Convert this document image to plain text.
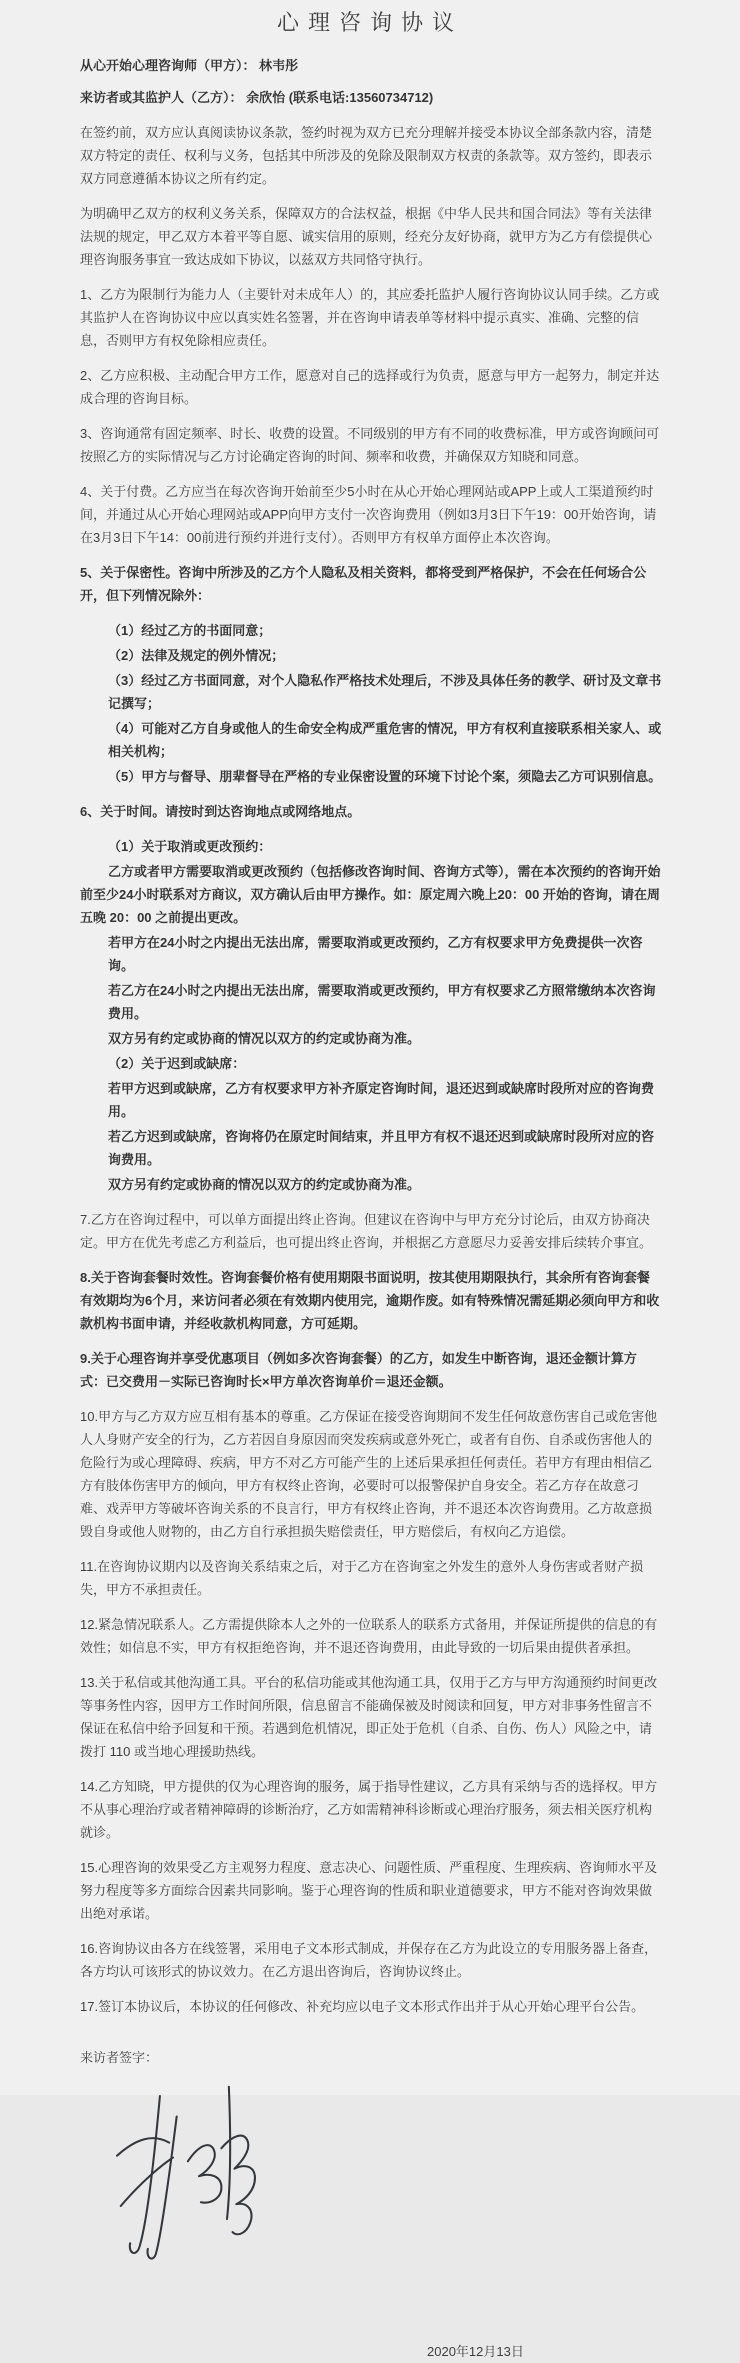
心理咨询协议
从心开始心理咨询师（甲方）： 林韦彤
来访者或其监护人（乙方）： 余欣怡 (联系电话:13560734712)
在签约前，双方应认真阅读协议条款，签约时视为双方已充分理解并接受本协议全部条款内容，清楚双方特定的责任、权利与义务，包括其中所涉及的免除及限制双方权责的条款等。双方签约，即表示双方同意遵循本协议之所有约定。
为明确甲乙双方的权利义务关系，保障双方的合法权益，根据《中华人民共和国合同法》等有关法律法规的规定，甲乙双方本着平等自愿、诚实信用的原则，经充分友好协商，就甲方为乙方有偿提供心理咨询服务事宜一致达成如下协议，以兹双方共同恪守执行。
1、乙方为限制行为能力人（主要针对未成年人）的，其应委托监护人履行咨询协议认同手续。乙方或其监护人在咨询协议中应以真实姓名签署，并在咨询申请表单等材料中提示真实、准确、完整的信息，否则甲方有权免除相应责任。
2、乙方应积极、主动配合甲方工作，愿意对自己的选择或行为负责，愿意与甲方一起努力，制定并达成合理的咨询目标。
3、咨询通常有固定频率、时长、收费的设置。不同级别的甲方有不同的收费标准，甲方或咨询顾问可按照乙方的实际情况与乙方讨论确定咨询的时间、频率和收费，并确保双方知晓和同意。
4、关于付费。乙方应当在每次咨询开始前至少5小时在从心开始心理网站或APP上或人工渠道预约时间，并通过从心开始心理网站或APP向甲方支付一次咨询费用（例如3月3日下午19：00开始咨询，请在3月3日下午14：00前进行预约并进行支付）。否则甲方有权单方面停止本次咨询。
5、关于保密性。咨询中所涉及的乙方个人隐私及相关资料，都将受到严格保护，不会在任何场合公开，但下列情况除外：
（1）经过乙方的书面同意；
（2）法律及规定的例外情况；
（3）经过乙方书面同意，对个人隐私作严格技术处理后，不涉及具体任务的教学、研讨及文章书记撰写；
（4）可能对乙方自身或他人的生命安全构成严重危害的情况，甲方有权利直接联系相关家人、或相关机构；
（5）甲方与督导、朋辈督导在严格的专业保密设置的环境下讨论个案，须隐去乙方可识别信息。
6、关于时间。请按时到达咨询地点或网络地点。
（1）关于取消或更改预约：
乙方或者甲方需要取消或更改预约（包括修改咨询时间、咨询方式等），需在本次预约的咨询开始前至少24小时联系对方商议，双方确认后由甲方操作。如：原定周六晚上20：00 开始的咨询，请在周五晚 20：00 之前提出更改。
若甲方在24小时之内提出无法出席，需要取消或更改预约，乙方有权要求甲方免费提供一次咨询。
若乙方在24小时之内提出无法出席，需要取消或更改预约，甲方有权要求乙方照常缴纳本次咨询费用。
双方另有约定或协商的情况以双方的约定或协商为准。
（2）关于迟到或缺席：
若甲方迟到或缺席，乙方有权要求甲方补齐原定咨询时间，退还迟到或缺席时段所对应的咨询费用。
若乙方迟到或缺席，咨询将仍在原定时间结束，并且甲方有权不退还迟到或缺席时段所对应的咨询费用。
双方另有约定或协商的情况以双方的约定或协商为准。
7.乙方在咨询过程中，可以单方面提出终止咨询。但建议在咨询中与甲方充分讨论后，由双方协商决定。甲方在优先考虑乙方利益后，也可提出终止咨询，并根据乙方意愿尽力妥善安排后续转介事宜。
8.关于咨询套餐时效性。咨询套餐价格有使用期限书面说明，按其使用期限执行，其余所有咨询套餐有效期均为6个月，来访问者必须在有效期内使用完，逾期作废。如有特殊情况需延期必须向甲方和收款机构书面申请，并经收款机构同意，方可延期。
9.关于心理咨询并享受优惠项目（例如多次咨询套餐）的乙方，如发生中断咨询，退还金额计算方式：已交费用－实际已咨询时长×甲方单次咨询单价＝退还金额。
10.甲方与乙方双方应互相有基本的尊重。乙方保证在接受咨询期间不发生任何故意伤害自己或危害他人人身财产安全的行为，乙方若因自身原因而突发疾病或意外死亡，或者有自伤、自杀或伤害他人的危险行为或心理障碍、疾病，甲方不对乙方可能产生的上述后果承担任何责任。若甲方有理由相信乙方有肢体伤害甲方的倾向，甲方有权终止咨询，必要时可以报警保护自身安全。若乙方存在故意刁难、戏弄甲方等破坏咨询关系的不良言行，甲方有权终止咨询，并不退还本次咨询费用。乙方故意损毁自身或他人财物的，由乙方自行承担损失赔偿责任，甲方赔偿后，有权向乙方追偿。
11.在咨询协议期内以及咨询关系结束之后，对于乙方在咨询室之外发生的意外人身伤害或者财产损失，甲方不承担责任。
12.紧急情况联系人。乙方需提供除本人之外的一位联系人的联系方式备用，并保证所提供的信息的有效性；如信息不实，甲方有权拒绝咨询，并不退还咨询费用，由此导致的一切后果由提供者承担。
13.关于私信或其他沟通工具。平台的私信功能或其他沟通工具，仅用于乙方与甲方沟通预约时间更改等事务性内容，因甲方工作时间所限，信息留言不能确保被及时阅读和回复，甲方对非事务性留言不保证在私信中给予回复和干预。若遇到危机情况，即正处于危机（自杀、自伤、伤人）风险之中，请拨打 110 或当地心理援助热线。
14.乙方知晓，甲方提供的仅为心理咨询的服务，属于指导性建议，乙方具有采纳与否的选择权。甲方不从事心理治疗或者精神障碍的诊断治疗，乙方如需精神科诊断或心理治疗服务，须去相关医疗机构就诊。
15.心理咨询的效果受乙方主观努力程度、意志决心、问题性质、严重程度、生理疾病、咨询师水平及努力程度等多方面综合因素共同影响。鉴于心理咨询的性质和职业道德要求，甲方不能对咨询效果做出绝对承诺。
16.咨询协议由各方在线签署，采用电子文本形式制成，并保存在乙方为此设立的专用服务器上备查，各方均认可该形式的协议效力。在乙方退出咨询后，咨询协议终止。
17.签订本协议后，本协议的任何修改、补充均应以电子文本形式作出并于从心开始心理平台公告。
来访者签字：
2020年12月13日
